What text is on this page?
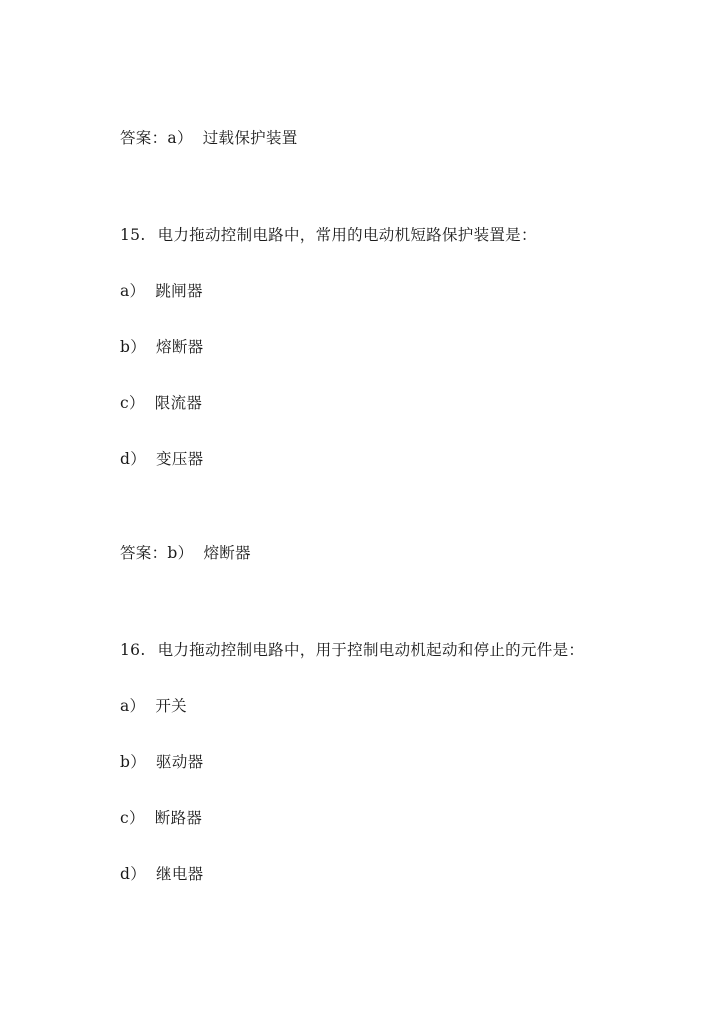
答案：a） 过载保护装置
15. 电力拖动控制电路中，常用的电动机短路保护装置是：
a） 跳闸器
b） 熔断器
c） 限流器
d） 变压器
答案：b） 熔断器
16. 电力拖动控制电路中，用于控制电动机起动和停止的元件是：
a） 开关
b） 驱动器
c） 断路器
d） 继电器
